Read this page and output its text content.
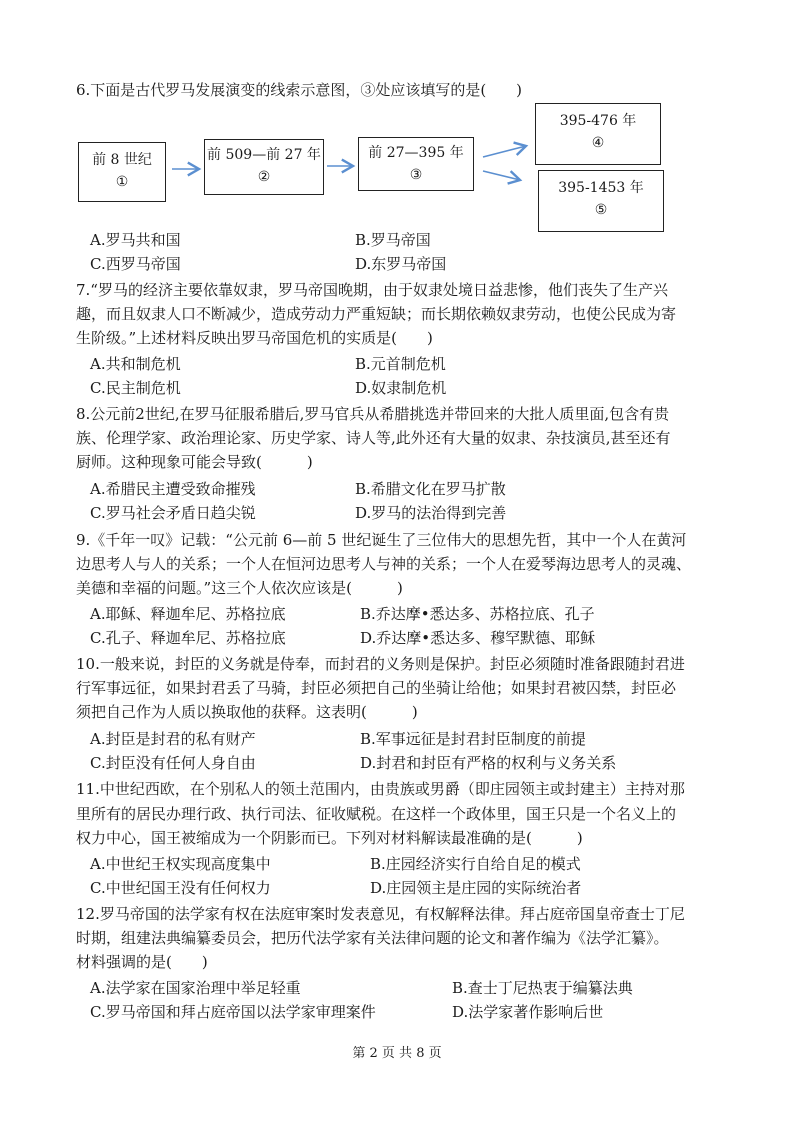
6.下面是古代罗马发展演变的线索示意图，③处应该填写的是(　　)
前 8 世纪
①
前 509—前 27 年
②
前 27—395 年
③
395-476 年
④
395-1453 年
⑤
A.罗马共和国	B.罗马帝国
C.西罗马帝国	D.东罗马帝国
7.“罗马的经济主要依靠奴隶，罗马帝国晚期，由于奴隶处境日益悲惨，他们丧失了生产兴
趣，而且奴隶人口不断减少，造成劳动力严重短缺；而长期依赖奴隶劳动，也使公民成为寄
生阶级。”上述材料反映出罗马帝国危机的实质是(　　)
A.共和制危机	B.元首制危机
C.民主制危机	D.奴隶制危机
8.公元前2世纪,在罗马征服希腊后,罗马官兵从希腊挑选并带回来的大批人质里面,包含有贵
族、伦理学家、政治理论家、历史学家、诗人等,此外还有大量的奴隶、杂技演员,甚至还有
厨师。这种现象可能会导致(　　　)
A.希腊民主遭受致命摧残	B.希腊文化在罗马扩散
C.罗马社会矛盾日趋尖锐	D.罗马的法治得到完善
9.《千年一叹》记载：“公元前 6—前 5 世纪诞生了三位伟大的思想先哲，其中一个人在黄河
边思考人与人的关系；一个人在恒河边思考人与神的关系；一个人在爱琴海边思考人的灵魂、
美德和幸福的问题。”这三个人依次应该是(　　　)
A.耶稣、释迦牟尼、苏格拉底	B.乔达摩•悉达多、苏格拉底、孔子
C.孔子、释迦牟尼、苏格拉底	D.乔达摩•悉达多、穆罕默德、耶稣
10.一般来说，封臣的义务就是侍奉，而封君的义务则是保护。封臣必须随时准备跟随封君进
行军事远征，如果封君丢了马骑，封臣必须把自己的坐骑让给他；如果封君被囚禁，封臣必
须把自己作为人质以换取他的获释。这表明(　　　)
A.封臣是封君的私有财产	B.军事远征是封君封臣制度的前提
C.封臣没有任何人身自由	D.封君和封臣有严格的权利与义务关系
11.中世纪西欧，在个别私人的领土范围内，由贵族或男爵（即庄园领主或封建主）主持对那
里所有的居民办理行政、执行司法、征收赋税。在这样一个政体里，国王只是一个名义上的
权力中心，国王被缩成为一个阴影而已。下列对材料解读最准确的是(　　　)
A.中世纪王权实现高度集中	B.庄园经济实行自给自足的模式
C.中世纪国王没有任何权力	D.庄园领主是庄园的实际统治者
12.罗马帝国的法学家有权在法庭审案时发表意见，有权解释法律。拜占庭帝国皇帝查士丁尼
时期，组建法典编纂委员会，把历代法学家有关法律问题的论文和著作编为《法学汇纂》。
材料强调的是(　　)
A.法学家在国家治理中举足轻重	B.查士丁尼热衷于编纂法典
C.罗马帝国和拜占庭帝国以法学家审理案件	D.法学家著作影响后世
第 2 页 共 8 页
